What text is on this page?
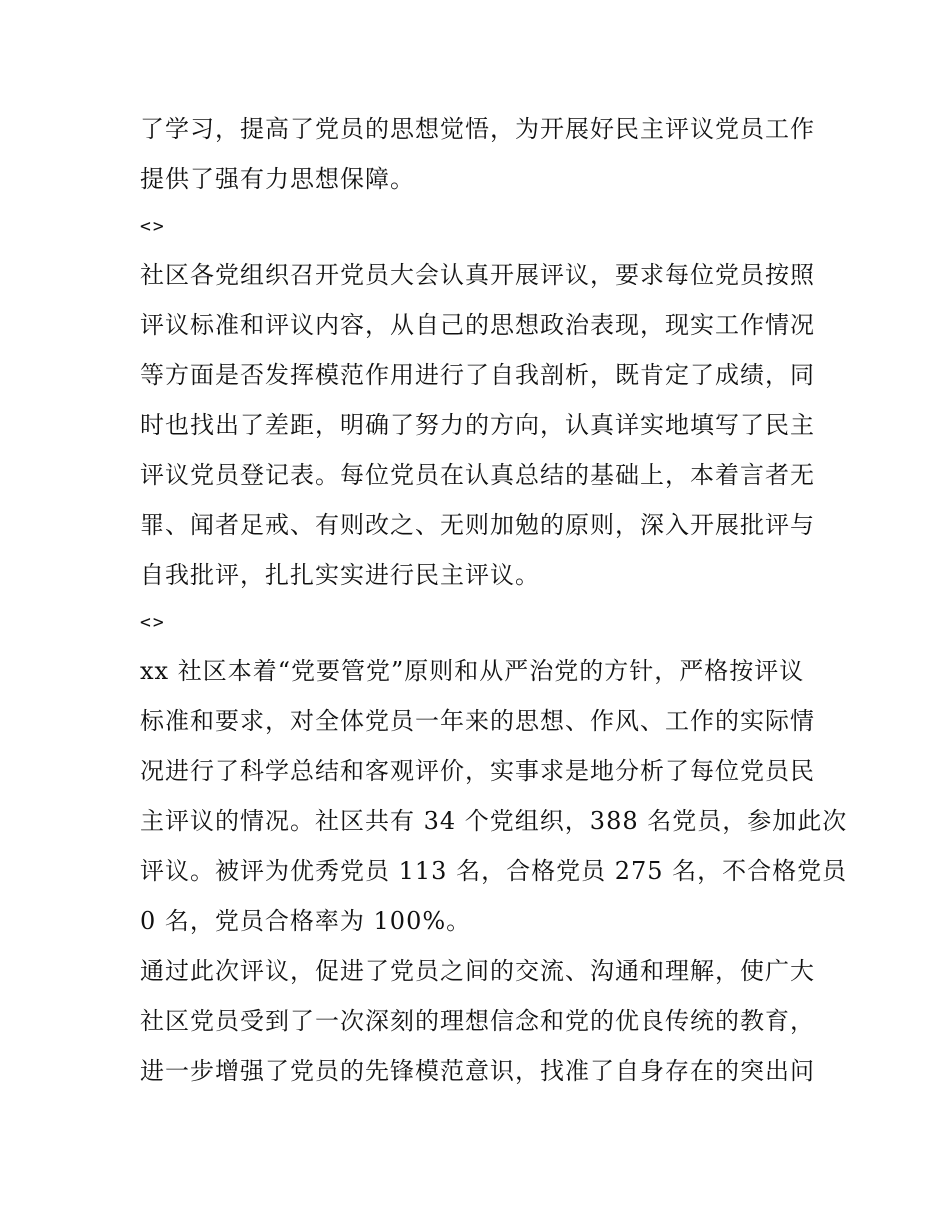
了学习，提高了党员的思想觉悟，为开展好民主评议党员工作
提供了强有力思想保障。
<>
社区各党组织召开党员大会认真开展评议，要求每位党员按照
评议标准和评议内容，从自己的思想政治表现，现实工作情况
等方面是否发挥模范作用进行了自我剖析，既肯定了成绩，同
时也找出了差距，明确了努力的方向，认真详实地填写了民主
评议党员登记表。每位党员在认真总结的基础上，本着言者无
罪、闻者足戒、有则改之、无则加勉的原则，深入开展批评与
自我批评，扎扎实实进行民主评议。
<>
xx 社区本着“党要管党”原则和从严治党的方针，严格按评议
标准和要求，对全体党员一年来的思想、作风、工作的实际情
况进行了科学总结和客观评价，实事求是地分析了每位党员民
主评议的情况。社区共有 34 个党组织，388 名党员，参加此次
评议。被评为优秀党员 113 名，合格党员 275 名，不合格党员
0 名，党员合格率为 100%。
通过此次评议，促进了党员之间的交流、沟通和理解，使广大
社区党员受到了一次深刻的理想信念和党的优良传统的教育，
进一步增强了党员的先锋模范意识，找准了自身存在的突出问
